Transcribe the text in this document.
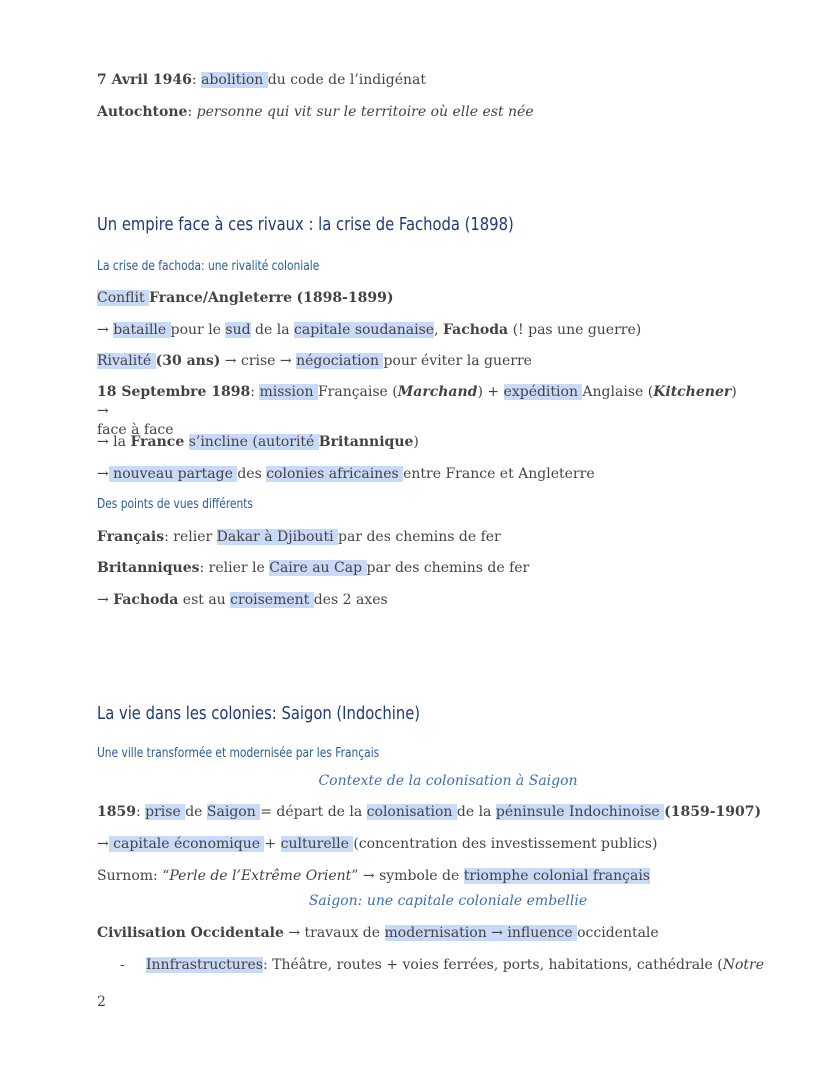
7 Avril 1946: abolition du code de l’indigénat
Autochtone: personne qui vit sur le territoire où elle est née
Un empire face à ces rivaux : la crise de Fachoda (1898)
La crise de fachoda: une rivalité coloniale
Conflit France/Angleterre (1898-1899)
→ bataille pour le sud de la capitale soudanaise, Fachoda (! pas une guerre)
Rivalité (30 ans) → crise → négociation pour éviter la guerre
18 Septembre 1898: mission Française (Marchand) + expédition Anglaise (Kitchener) →
face à face
→ la France s’incline (autorité Britannique)
→ nouveau partage des colonies africaines entre France et Angleterre
Des points de vues différents
Français: relier Dakar à Djibouti par des chemins de fer
Britanniques: relier le Caire au Cap par des chemins de fer
→ Fachoda est au croisement des 2 axes
La vie dans les colonies: Saigon (Indochine)
Une ville transformée et modernisée par les Français
Contexte de la colonisation à Saigon
1859: prise de Saigon = départ de la colonisation de la péninsule Indochinoise (1859-1907)
→ capitale économique + culturelle (concentration des investissement publics)
Surnom: “Perle de l’Extrême Orient” → symbole de triomphe colonial français
Saigon: une capitale coloniale embellie
Civilisation Occidentale → travaux de modernisation → influence occidentale
- Innfrastructures: Théâtre, routes + voies ferrées, ports, habitations, cathédrale (Notre
2
